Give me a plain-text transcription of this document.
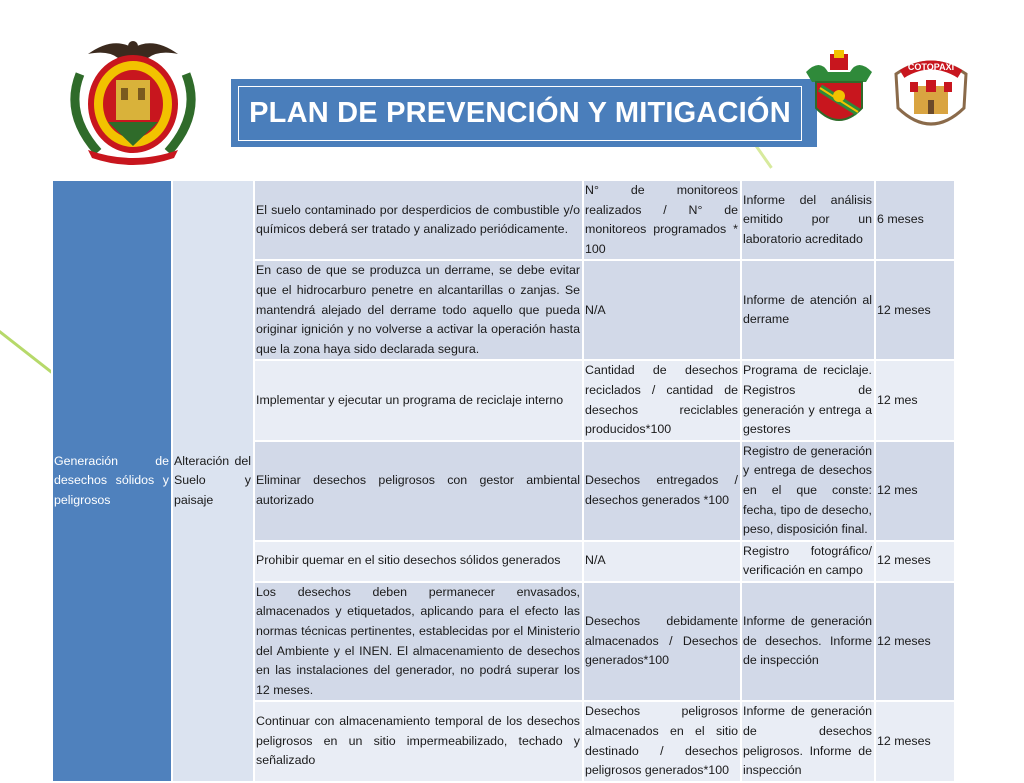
PLAN DE PREVENCIÓN Y MITIGACIÓN
COTOPAXI
Generación de desechos sólidos y peligrosos	Alteración del Suelo y paisaje	El suelo contaminado por desperdicios de combustible y/o químicos deberá ser tratado y analizado periódicamente.	N° de monitoreos realizados / N° de monitoreos programados * 100	Informe del análisis emitido por un laboratorio acreditado	6 meses
		En caso de que se produzca un derrame, se debe evitar que el hidrocarburo penetre en alcantarillas o zanjas. Se mantendrá alejado del derrame todo aquello que pueda originar ignición y no volverse a activar la operación hasta que la zona haya sido declarada segura.	N/A	Informe de atención al derrame	12 meses
		Implementar y ejecutar un programa de reciclaje interno	Cantidad de desechos reciclados / cantidad de desechos reciclables producidos*100	Programa de reciclaje. Registros de generación y entrega a gestores	12 mes
		Eliminar desechos peligrosos con gestor ambiental autorizado	Desechos entregados / desechos generados *100	Registro de generación y entrega de desechos en el que conste: fecha, tipo de desecho, peso, disposición final.	12 mes
		Prohibir quemar en el sitio desechos sólidos generados	N/A	Registro fotográfico/ verificación en campo	12 meses
		Los desechos deben permanecer envasados, almacenados y etiquetados, aplicando para el efecto las normas técnicas pertinentes, establecidas por el Ministerio del Ambiente y el INEN. El almacenamiento de desechos en las instalaciones del generador, no podrá superar los 12 meses.	Desechos debidamente almacenados / Desechos generados*100	Informe de generación de desechos. Informe de inspección	12 meses
		Continuar con almacenamiento temporal de los desechos peligrosos en un sitio impermeabilizado, techado y señalizado	Desechos peligrosos almacenados en el sitio destinado / desechos peligrosos generados*100	Informe de generación de desechos peligrosos. Informe de inspección	12 meses
